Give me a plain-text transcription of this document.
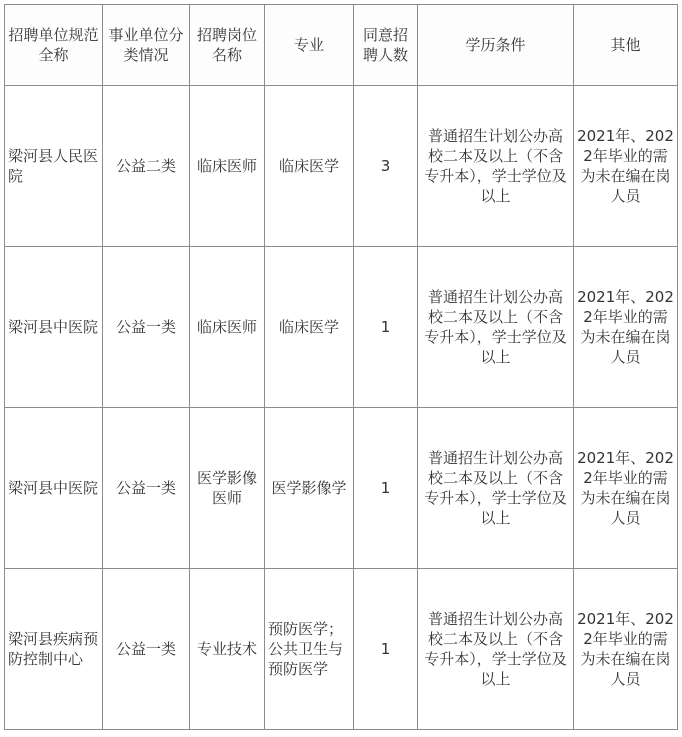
招聘单位规范全称	事业单位分类情况	招聘岗位名称	专业	同意招聘人数	学历条件	其他
梁河县人民医院	公益二类	临床医师	临床医学	3	普通招生计划公办高校二本及以上（不含专升本），学士学位及以上	2021年、2022年毕业的需为未在编在岗人员
梁河县中医院	公益一类	临床医师	临床医学	1	普通招生计划公办高校二本及以上（不含专升本），学士学位及以上	2021年、2022年毕业的需为未在编在岗人员
梁河县中医院	公益一类	医学影像医师	医学影像学	1	普通招生计划公办高校二本及以上（不含专升本），学士学位及以上	2021年、2022年毕业的需为未在编在岗人员
梁河县疾病预防控制中心	公益一类	专业技术	预防医学；公共卫生与预防医学	1	普通招生计划公办高校二本及以上（不含专升本），学士学位及以上	2021年、2022年毕业的需为未在编在岗人员
